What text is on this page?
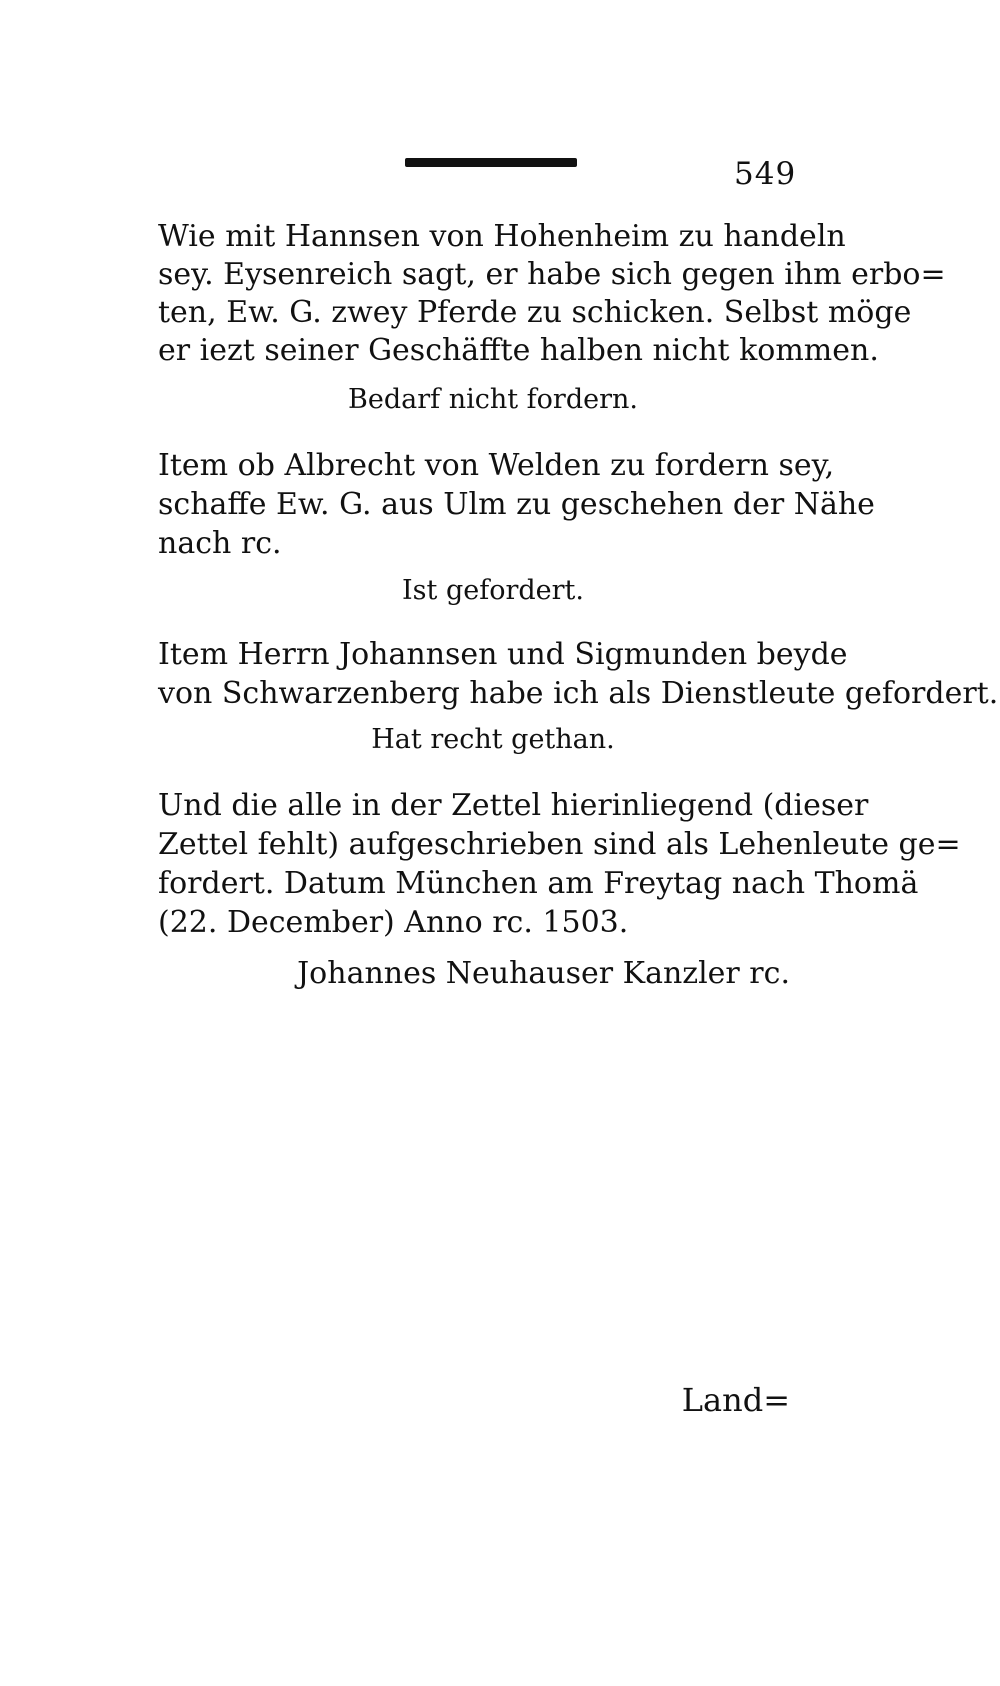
549
Wie mit Hannsen von Hohenheim zu handeln
sey. Eysenreich sagt, er habe sich gegen ihm erbo=
ten, Ew. G. zwey Pferde zu schicken. Selbst möge
er iezt seiner Geschäffte halben nicht kommen.
Bedarf nicht fordern.
Item ob Albrecht von Welden zu fordern sey,
schaffe Ew. G. aus Ulm zu geschehen der Nähe
nach rc.
Ist gefordert.
Item Herrn Johannsen und Sigmunden beyde
von Schwarzenberg habe ich als Dienstleute gefordert.
Hat recht gethan.
Und die alle in der Zettel hierinliegend (dieser
Zettel fehlt) aufgeschrieben sind als Lehenleute ge=
fordert. Datum München am Freytag nach Thomä
(22. December) Anno rc. 1503.
Johannes Neuhauser Kanzler rc.
Land=
